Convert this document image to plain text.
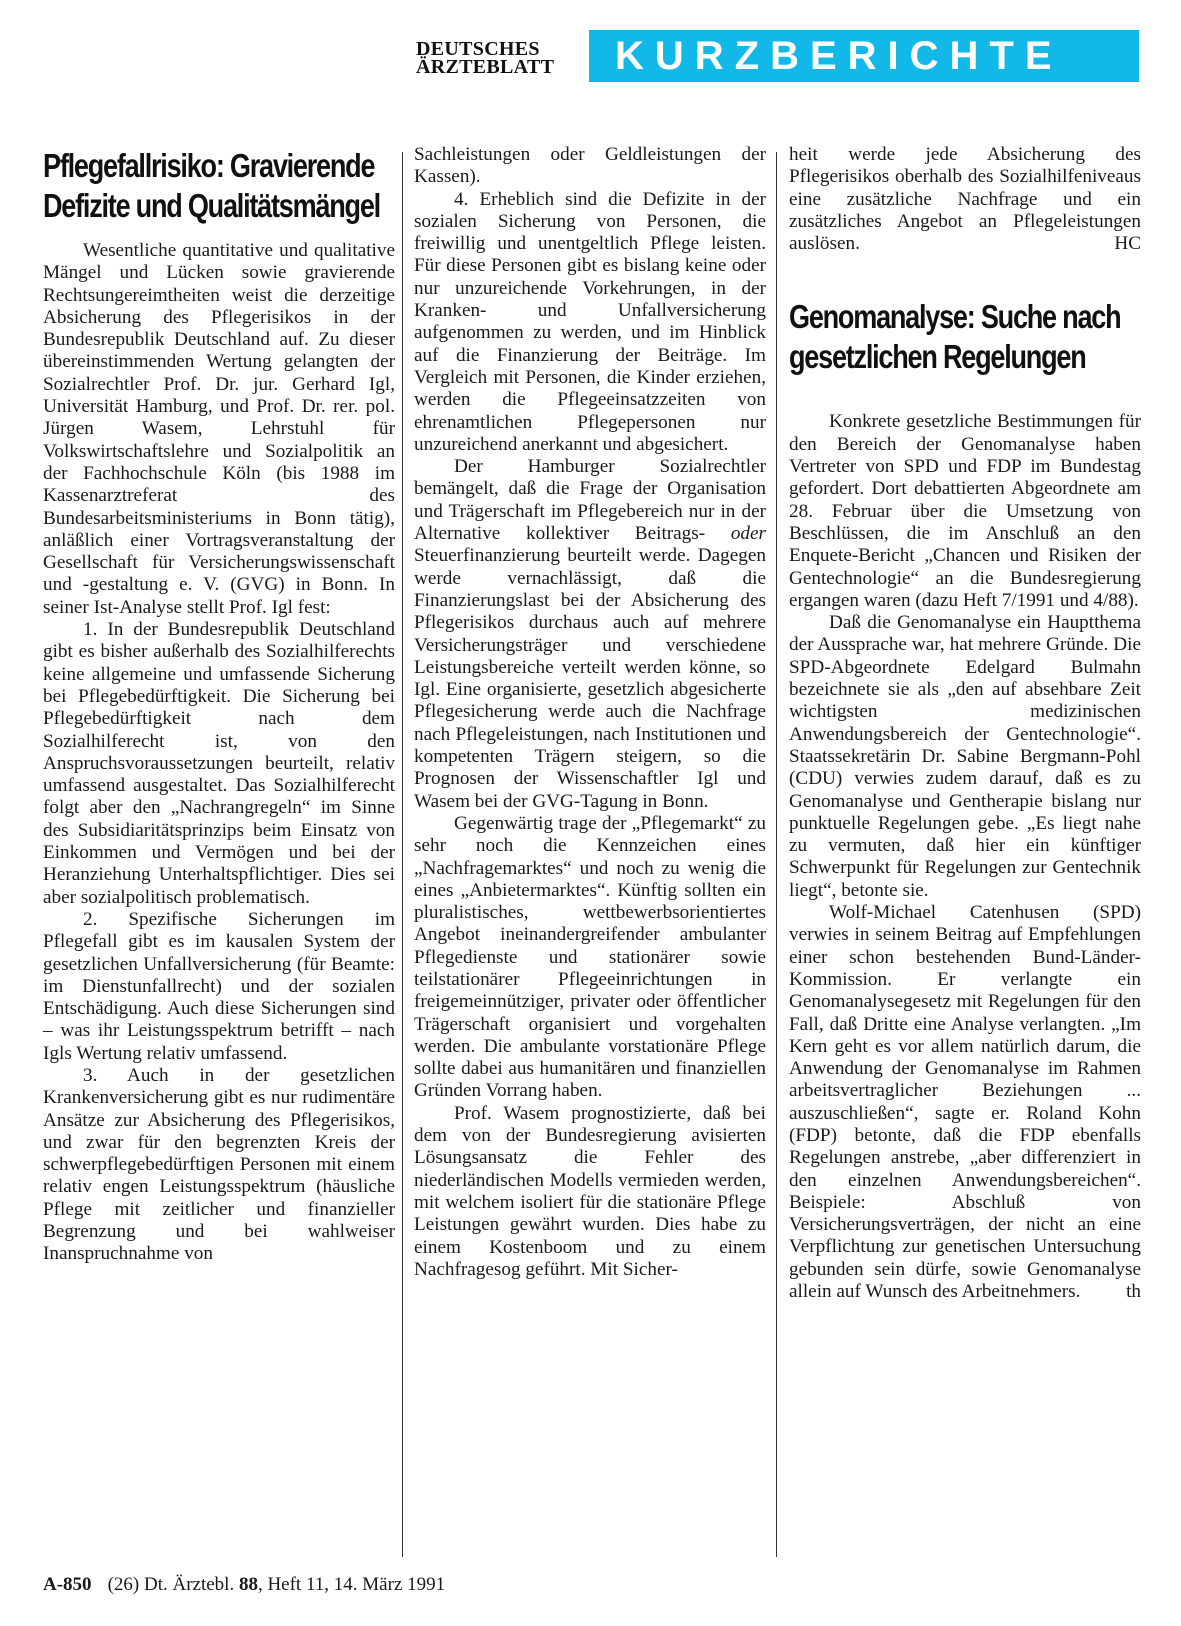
DEUTSCHES
ÄRZTEBLATT	KURZBERICHTE
Pflegefallrisiko: Gravierende Defizite und Qualitätsmängel

Wesentliche quantitative und qualitative Mängel und Lücken sowie gravierende Rechtsungereimtheiten weist die derzeitige Absicherung des Pflegerisikos in der Bundesrepublik Deutschland auf. Zu dieser übereinstimmenden Wertung gelangten der Sozialrechtler Prof. Dr. jur. Gerhard Igl, Universität Hamburg, und Prof. Dr. rer. pol. Jürgen Wasem, Lehrstuhl für Volkswirtschaftslehre und Sozialpolitik an der Fachhochschule Köln (bis 1988 im Kassenarztreferat des Bundesarbeitsministeriums in Bonn tätig), anläßlich einer Vortragsveranstaltung der Gesellschaft für Versicherungswissenschaft und -gestaltung e. V. (GVG) in Bonn. In seiner Ist-Analyse stellt Prof. Igl fest:

1. In der Bundesrepublik Deutschland gibt es bisher außerhalb des Sozialhilferechts keine allgemeine und umfassende Sicherung bei Pflegebedürftigkeit. Die Sicherung bei Pflegebedürftigkeit nach dem Sozialhilferecht ist, von den Anspruchsvoraussetzungen beurteilt, relativ umfassend ausgestaltet. Das Sozialhilferecht folgt aber den „Nachrangregeln“ im Sinne des Subsidiaritätsprinzips beim Einsatz von Einkommen und Vermögen und bei der Heranziehung Unterhaltspflichtiger. Dies sei aber sozialpolitisch problematisch.

2. Spezifische Sicherungen im Pflegefall gibt es im kausalen System der gesetzlichen Unfallversicherung (für Beamte: im Dienstunfallrecht) und der sozialen Entschädigung. Auch diese Sicherungen sind – was ihr Leistungsspektrum betrifft – nach Igls Wertung relativ umfassend.

3. Auch in der gesetzlichen Krankenversicherung gibt es nur rudimentäre Ansätze zur Absicherung des Pflegerisikos, und zwar für den begrenzten Kreis der schwerpflegebedürftigen Personen mit einem relativ engen Leistungsspektrum (häusliche Pflege mit zeitlicher und finanzieller Begrenzung und bei wahlweiser Inanspruchnahme von

Sachleistungen oder Geldleistungen der Kassen).

4. Erheblich sind die Defizite in der sozialen Sicherung von Personen, die freiwillig und unentgeltlich Pflege leisten. Für diese Personen gibt es bislang keine oder nur unzureichende Vorkehrungen, in der Kranken- und Unfallversicherung aufgenommen zu werden, und im Hinblick auf die Finanzierung der Beiträge. Im Vergleich mit Personen, die Kinder erziehen, werden die Pflegeeinsatzzeiten von ehrenamtlichen Pflegepersonen nur unzureichend anerkannt und abgesichert.

Der Hamburger Sozialrechtler bemängelt, daß die Frage der Organisation und Trägerschaft im Pflegebereich nur in der Alternative kollektiver Beitrags- oder Steuerfinanzierung beurteilt werde. Dagegen werde vernachlässigt, daß die Finanzierungslast bei der Absicherung des Pflegerisikos durchaus auch auf mehrere Versicherungsträger und verschiedene Leistungsbereiche verteilt werden könne, so Igl. Eine organisierte, gesetzlich abgesicherte Pflegesicherung werde auch die Nachfrage nach Pflegeleistungen, nach Institutionen und kompetenten Trägern steigern, so die Prognosen der Wissenschaftler Igl und Wasem bei der GVG-Tagung in Bonn.

Gegenwärtig trage der „Pflegemarkt“ zu sehr noch die Kennzeichen eines „Nachfragemarktes“ und noch zu wenig die eines „Anbietermarktes“. Künftig sollten ein pluralistisches, wettbewerbsorientiertes Angebot ineinandergreifender ambulanter Pflegedienste und stationärer sowie teilstationärer Pflegeeinrichtungen in freigemeinnütziger, privater oder öffentlicher Trägerschaft organisiert und vorgehalten werden. Die ambulante vorstationäre Pflege sollte dabei aus humanitären und finanziellen Gründen Vorrang haben.

Prof. Wasem prognostizierte, daß bei dem von der Bundesregierung avisierten Lösungsansatz die Fehler des niederländischen Modells vermieden werden, mit welchem isoliert für die stationäre Pflege Leistungen gewährt wurden. Dies habe zu einem Kostenboom und zu einem Nachfragesog geführt. Mit Sicher-

heit werde jede Absicherung des Pflegerisikos oberhalb des Sozialhilfeniveaus eine zusätzliche Nachfrage und ein zusätzliches Angebot an Pflegeleistungen auslösen.	HC

Genomanalyse: Suche nach gesetzlichen Regelungen

Konkrete gesetzliche Bestimmungen für den Bereich der Genomanalyse haben Vertreter von SPD und FDP im Bundestag gefordert. Dort debattierten Abgeordnete am 28. Februar über die Umsetzung von Beschlüssen, die im Anschluß an den Enquete-Bericht „Chancen und Risiken der Gentechnologie“ an die Bundesregierung ergangen waren (dazu Heft 7/1991 und 4/88).

Daß die Genomanalyse ein Hauptthema der Aussprache war, hat mehrere Gründe. Die SPD-Abgeordnete Edelgard Bulmahn bezeichnete sie als „den auf absehbare Zeit wichtigsten medizinischen Anwendungsbereich der Gentechnologie“. Staatssekretärin Dr. Sabine Bergmann-Pohl (CDU) verwies zudem darauf, daß es zu Genomanalyse und Gentherapie bislang nur punktuelle Regelungen gebe. „Es liegt nahe zu vermuten, daß hier ein künftiger Schwerpunkt für Regelungen zur Gentechnik liegt“, betonte sie.

Wolf-Michael Catenhusen (SPD) verwies in seinem Beitrag auf Empfehlungen einer schon bestehenden Bund-Länder-Kommission. Er verlangte ein Genomanalysegesetz mit Regelungen für den Fall, daß Dritte eine Analyse verlangten. „Im Kern geht es vor allem natürlich darum, die Anwendung der Genomanalyse im Rahmen arbeitsvertraglicher Beziehungen ... auszuschließen“, sagte er. Roland Kohn (FDP) betonte, daß die FDP ebenfalls Regelungen anstrebe, „aber differenziert in den einzelnen Anwendungsbereichen“. Beispiele: Abschluß von Versicherungsverträgen, der nicht an eine Verpflichtung zur genetischen Untersuchung gebunden sein dürfe, sowie Genomanalyse allein auf Wunsch des Arbeitnehmers.	th

A-850 (26) Dt. Ärztebl. 88, Heft 11, 14. März 1991
